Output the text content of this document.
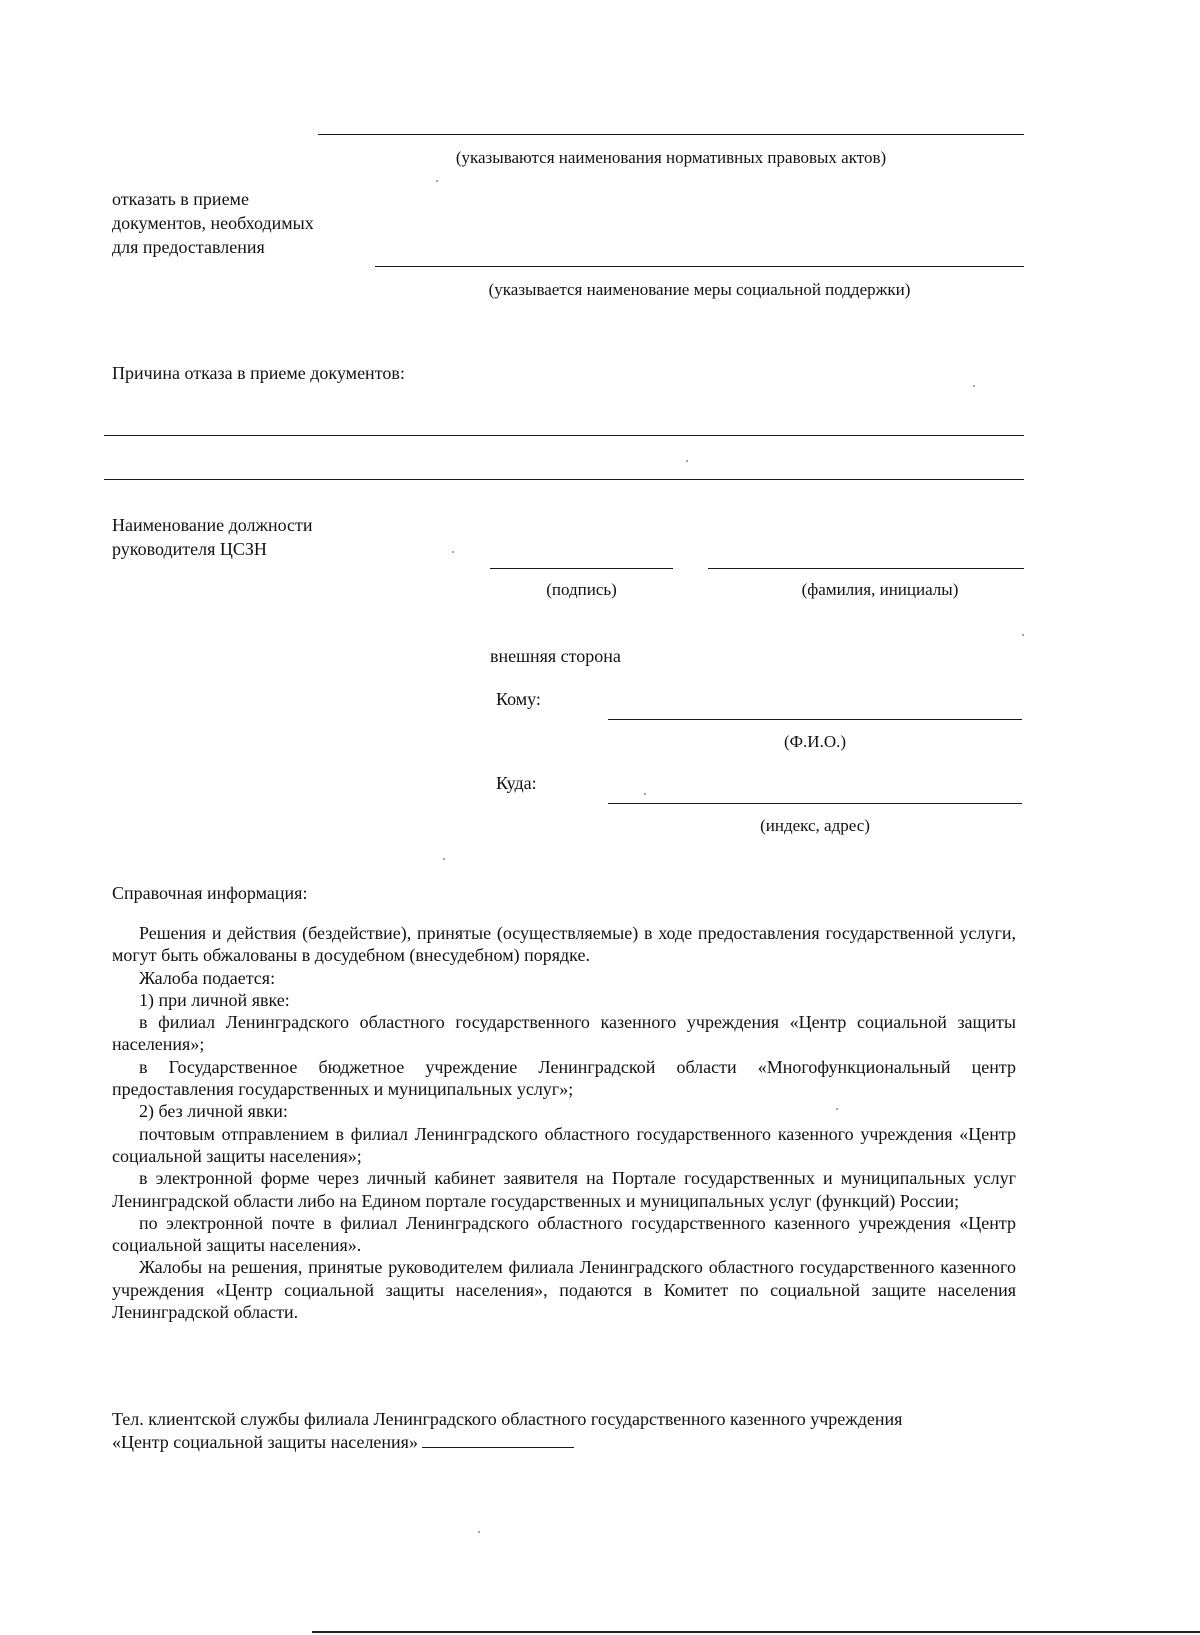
(указываются наименования нормативных правовых актов)
отказать в приеме
документов, необходимых
для предоставления
(указывается наименование меры социальной поддержки)
Причина отказа в приеме документов:
Наименование должности
руководителя ЦСЗН
(подпись)	(фамилия, инициалы)
внешняя сторона
Кому:
(Ф.И.О.)
Куда:
(индекс, адрес)
Справочная информация:

Решения и действия (бездействие), принятые (осуществляемые) в ходе предоставления государственной услуги, могут быть обжалованы в досудебном (внесудебном) порядке.

Жалоба подается:

1) при личной явке:

в филиал Ленинградского областного государственного казенного учреждения «Центр социальной защиты населения»;

в Государственное бюджетное учреждение Ленинградской области «Многофункциональный центр предоставления государственных и муниципальных услуг»;

2) без личной явки:

почтовым отправлением в филиал Ленинградского областного государственного казенного учреждения «Центр социальной защиты населения»;

в электронной форме через личный кабинет заявителя на Портале государственных и муниципальных услуг Ленинградской области либо на Едином портале государственных и муниципальных услуг (функций) России;

по электронной почте в филиал Ленинградского областного государственного казенного учреждения «Центр социальной защиты населения».

Жалобы на решения, принятые руководителем филиала Ленинградского областного государственного казенного учреждения «Центр социальной защиты населения», подаются в Комитет по социальной защите населения Ленинградской области.

Тел. клиентской службы филиала Ленинградского областного государственного казенного учреждения
«Центр социальной защиты населения»
